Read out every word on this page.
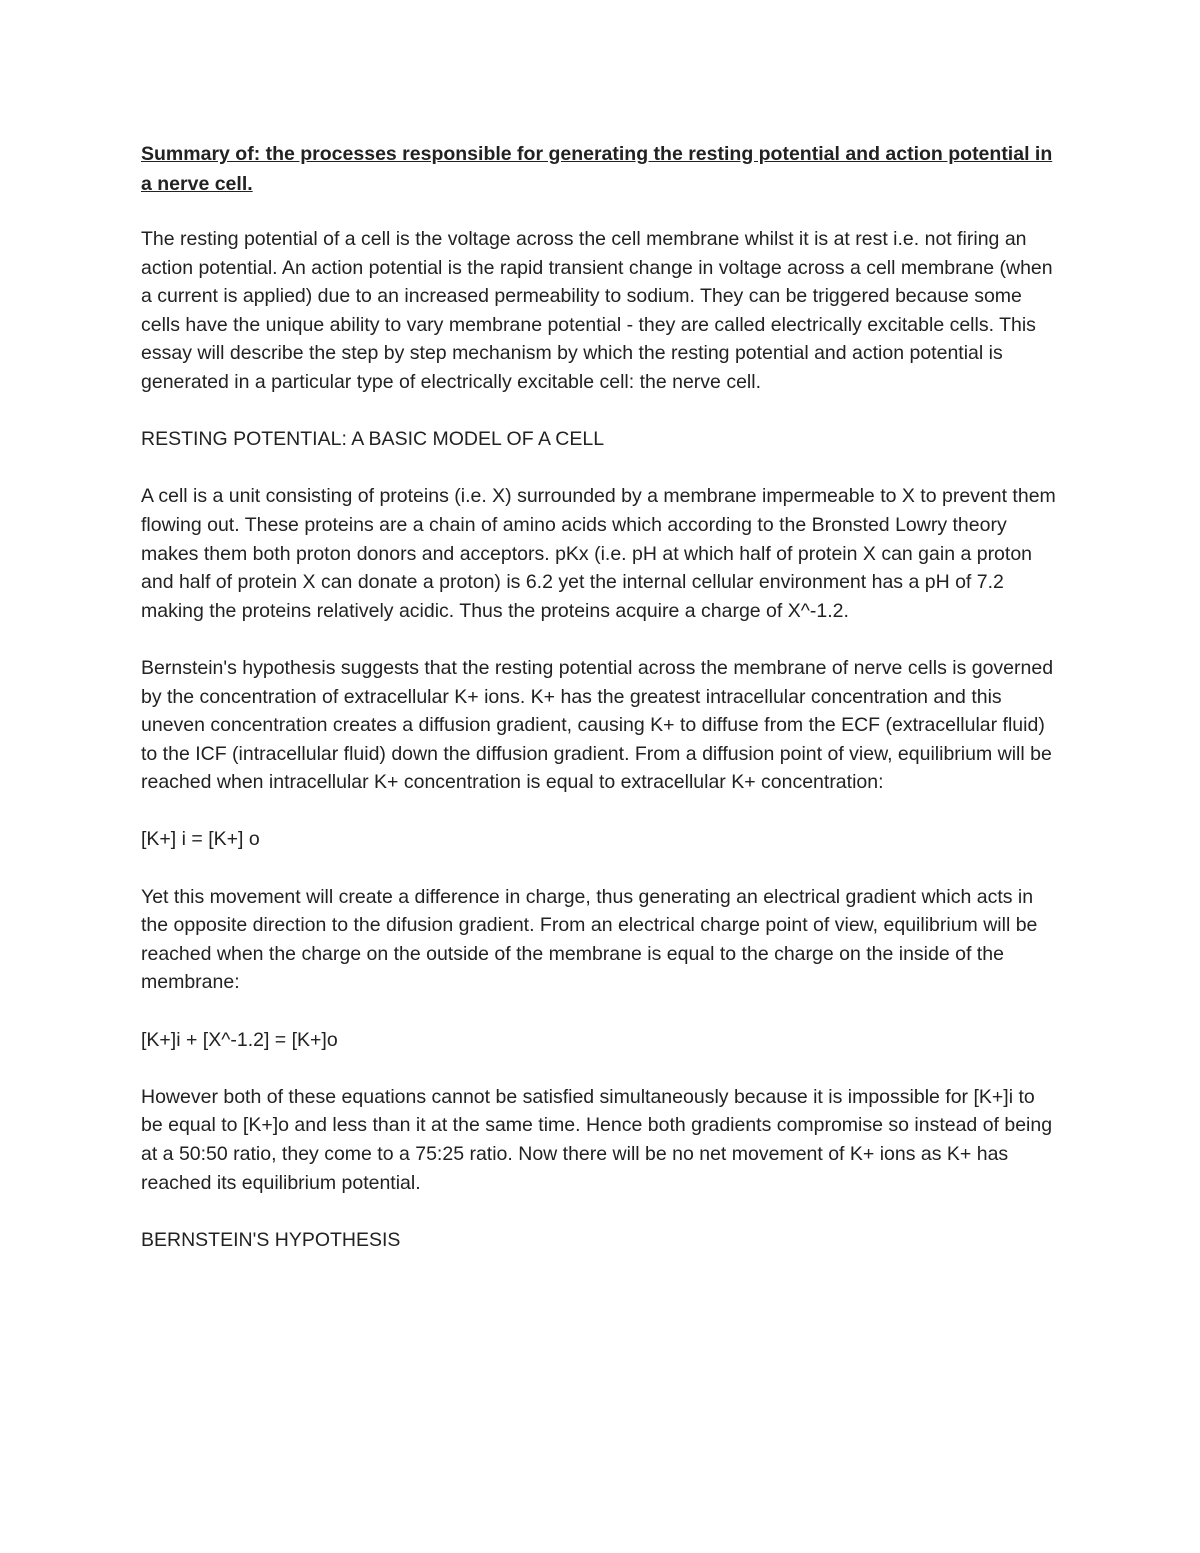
Summary of: the processes responsible for generating the resting potential and action potential in a nerve cell.
The resting potential of a cell is the voltage across the cell membrane whilst it is at rest i.e. not firing an action potential. An action potential is the rapid transient change in voltage across a cell membrane (when a current is applied) due to an increased permeability to sodium. They can be triggered because some cells have the unique ability to vary membrane potential - they are called electrically excitable cells. This essay will describe the step by step mechanism by which the resting potential and action potential is generated in a particular type of electrically excitable cell: the nerve cell.
RESTING POTENTIAL: A BASIC MODEL OF A CELL
A cell is a unit consisting of proteins (i.e. X) surrounded by a membrane impermeable to X to prevent them flowing out. These proteins are a chain of amino acids which according to the Bronsted Lowry theory makes them both proton donors and acceptors. pKx (i.e. pH at which half of protein X can gain a proton and half of protein X can donate a proton) is 6.2 yet the internal cellular environment has a pH of 7.2 making the proteins relatively acidic. Thus the proteins acquire a charge of X^-1.2.
Bernstein's hypothesis suggests that the resting potential across the membrane of nerve cells is governed by the concentration of extracellular K+ ions. K+ has the greatest intracellular concentration and this uneven concentration creates a diffusion gradient, causing K+ to diffuse from the ECF (extracellular fluid) to the ICF (intracellular fluid) down the diffusion gradient. From a diffusion point of view, equilibrium will be reached when intracellular K+ concentration is equal to extracellular K+ concentration:
[K+] i = [K+] o
Yet this movement will create a difference in charge, thus generating an electrical gradient which acts in the opposite direction to the difusion gradient. From an electrical charge point of view, equilibrium will be reached when the charge on the outside of the membrane is equal to the charge on the inside of the membrane:
[K+]i + [X^-1.2] = [K+]o
However both of these equations cannot be satisfied simultaneously because it is impossible for [K+]i to be equal to [K+]o and less than it at the same time. Hence both gradients compromise so instead of being at a 50:50 ratio, they come to a 75:25 ratio. Now there will be no net movement of K+ ions as K+ has reached its equilibrium potential.
BERNSTEIN'S HYPOTHESIS
